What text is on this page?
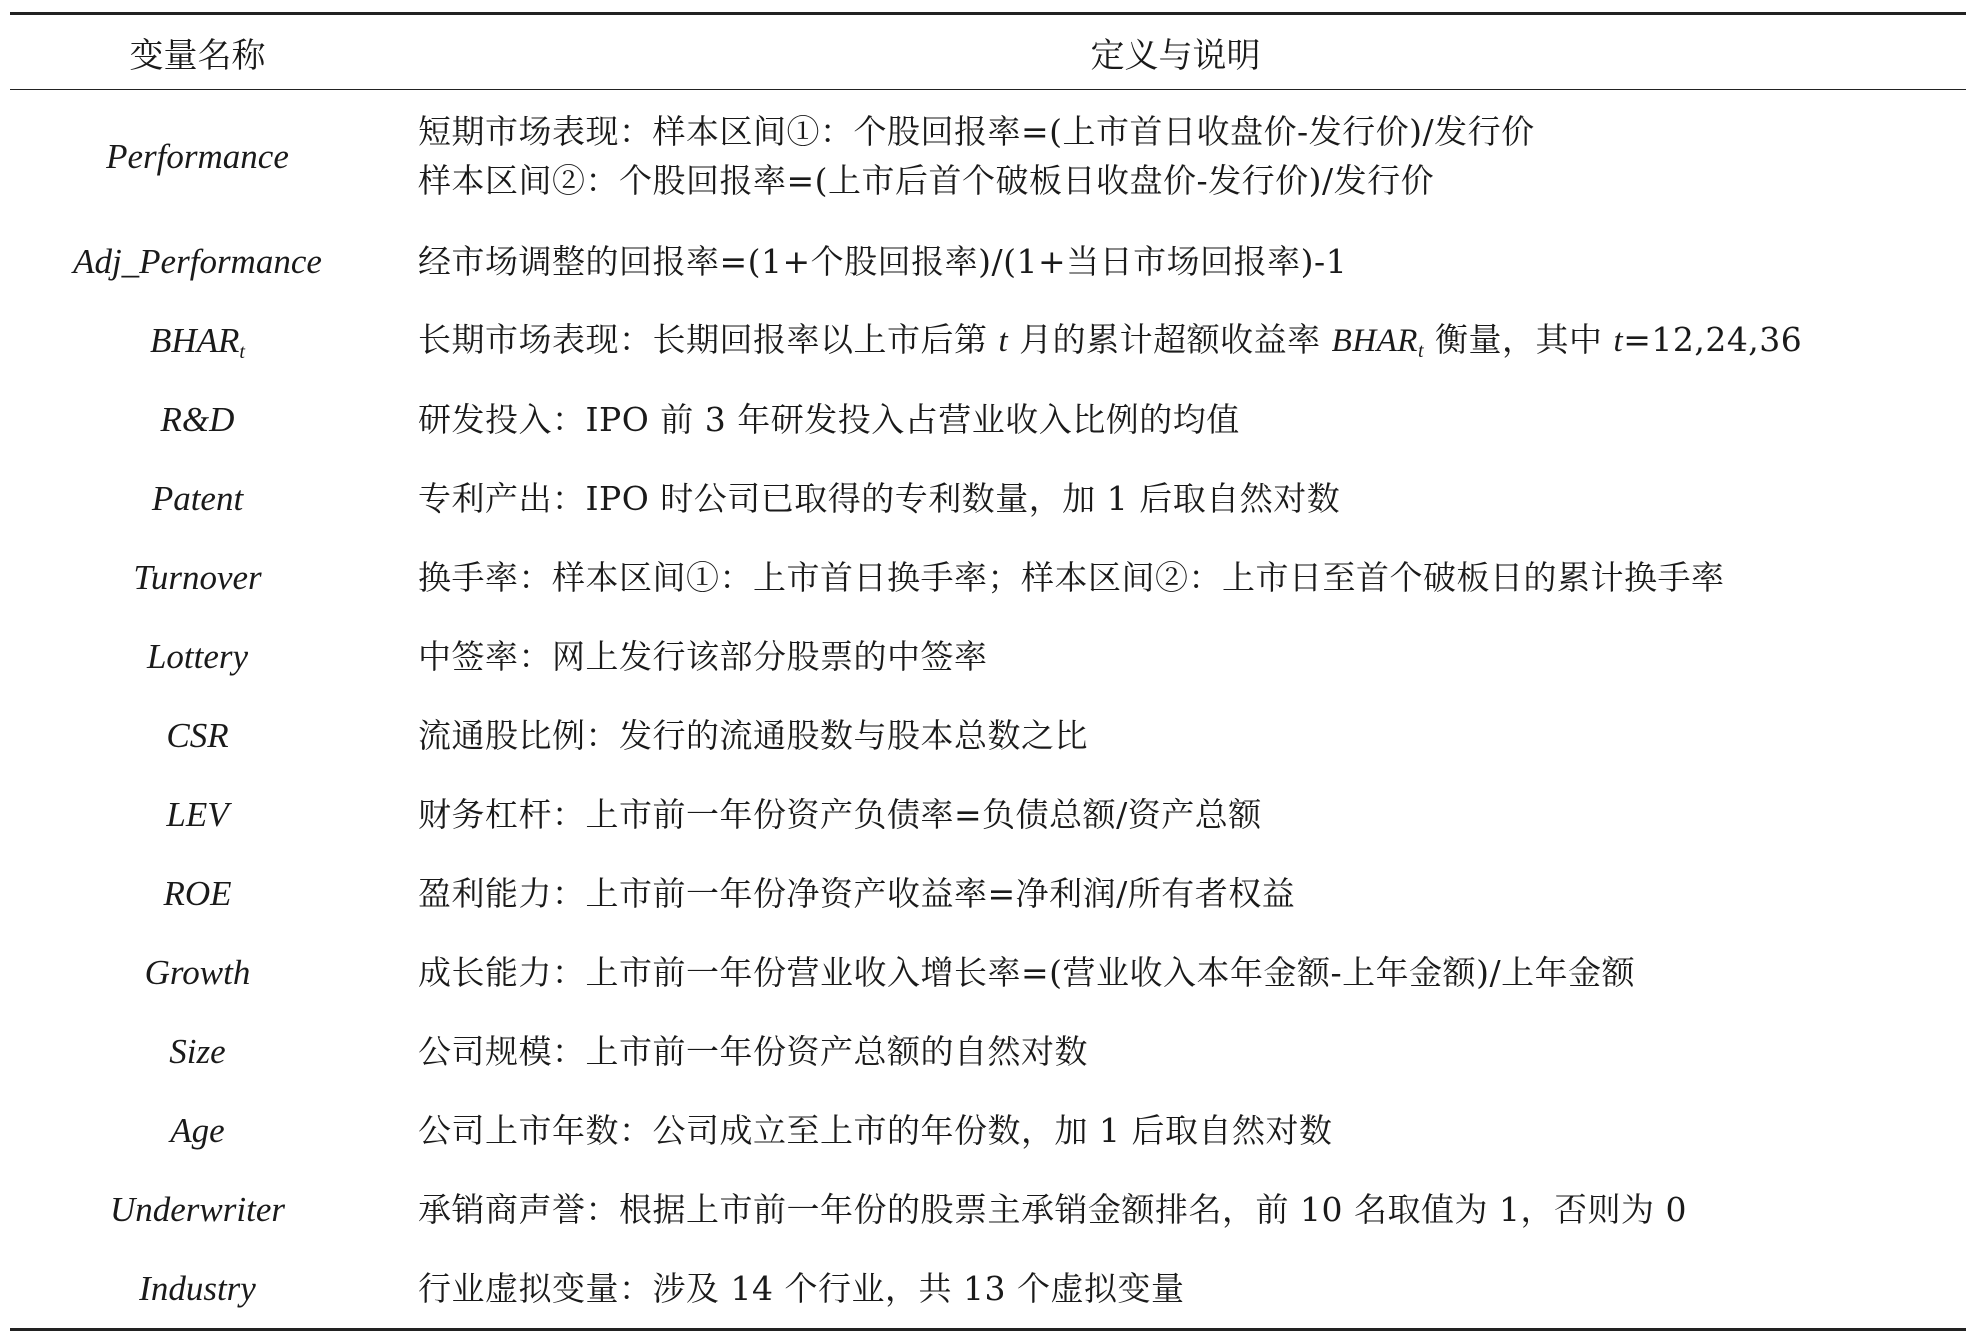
变量名称	定义与说明
Performance	短期市场表现：样本区间①：个股回报率=(上市首日收盘价-发行价)/发行价
样本区间②：个股回报率=(上市后首个破板日收盘价-发行价)/发行价

Adj_Performance	经市场调整的回报率=(1+个股回报率)/(1+当日市场回报率)-1
$BHAR_t$	长期市场表现：长期回报率以上市后第 t 月的累计超额收益率 $BHAR_t$ 衡量，其中 t=12,24,36
R&D	研发投入：IPO 前 3 年研发投入占营业收入比例的均值
Patent	专利产出：IPO 时公司已取得的专利数量，加 1 后取自然对数
Turnover	换手率：样本区间①：上市首日换手率；样本区间②：上市日至首个破板日的累计换手率
Lottery	中签率：网上发行该部分股票的中签率
CSR	流通股比例：发行的流通股数与股本总数之比
LEV	财务杠杆：上市前一年份资产负债率=负债总额/资产总额
ROE	盈利能力：上市前一年份净资产收益率=净利润/所有者权益
Growth	成长能力：上市前一年份营业收入增长率=(营业收入本年金额-上年金额)/上年金额
Size	公司规模：上市前一年份资产总额的自然对数
Age	公司上市年数：公司成立至上市的年份数，加 1 后取自然对数
Underwriter	承销商声誉：根据上市前一年份的股票主承销金额排名，前 10 名取值为 1，否则为 0
Industry	行业虚拟变量：涉及 14 个行业，共 13 个虚拟变量
